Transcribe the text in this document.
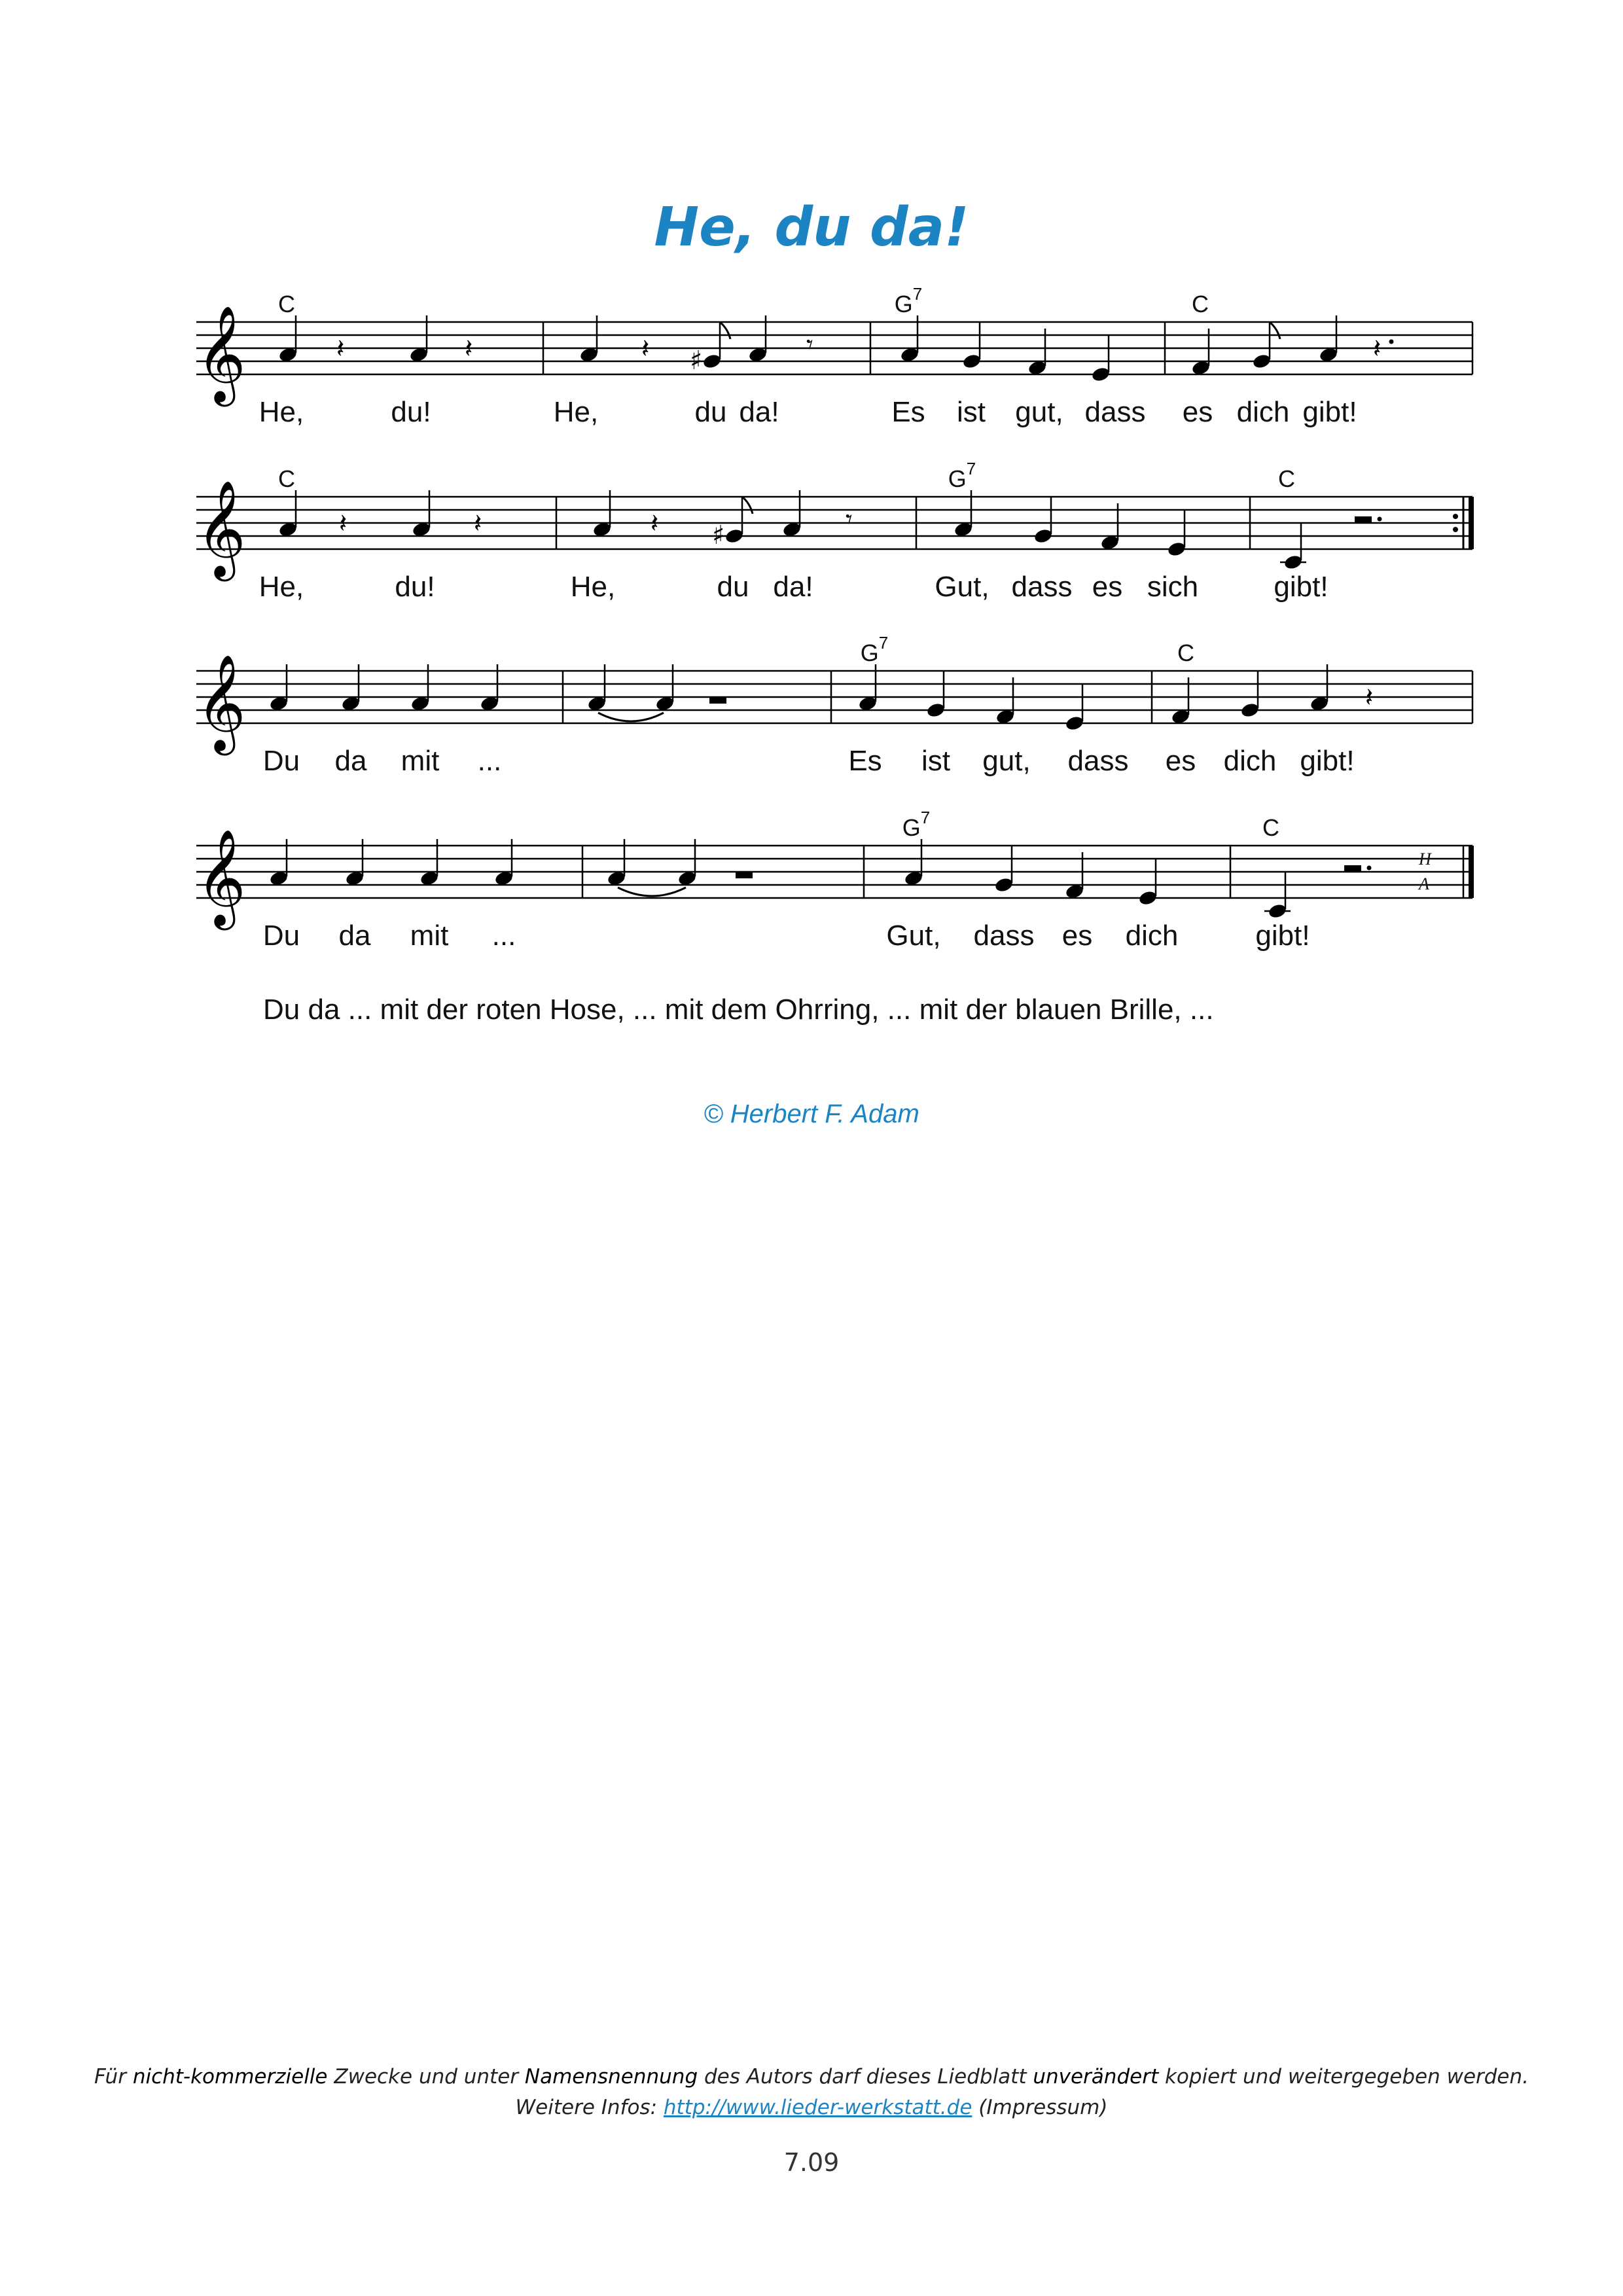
He, du da!
C	$G^7$	C
𝄞	♯
𝄽	𝄽	𝄽	𝄽
𝄾
He,	du!	He,	du da!	Es ist gut, dass es dich gibt!
C	$G^7$	C
𝄞	♯
𝄽	𝄽	𝄽	𝄾
He,	du!	He,	du da!	Gut, dass es sich	gibt!
$G^7$	C
𝄞	𝄽
Du da mit ...	Es ist gut, dass es dich gibt!
$G^7$	C
𝄞	H
A
Du da mit ...	Gut, dass es dich	gibt!
Du da ... mit der roten Hose, ... mit dem Ohrring, ... mit der blauen Brille, ...
© Herbert F. Adam
Für nicht-kommerzielle Zwecke und unter Namensnennung des Autors darf dieses Liedblatt unverändert kopiert und weitergegeben werden.
Weitere Infos: http://www.lieder-werkstatt.de (Impressum)
7.09
